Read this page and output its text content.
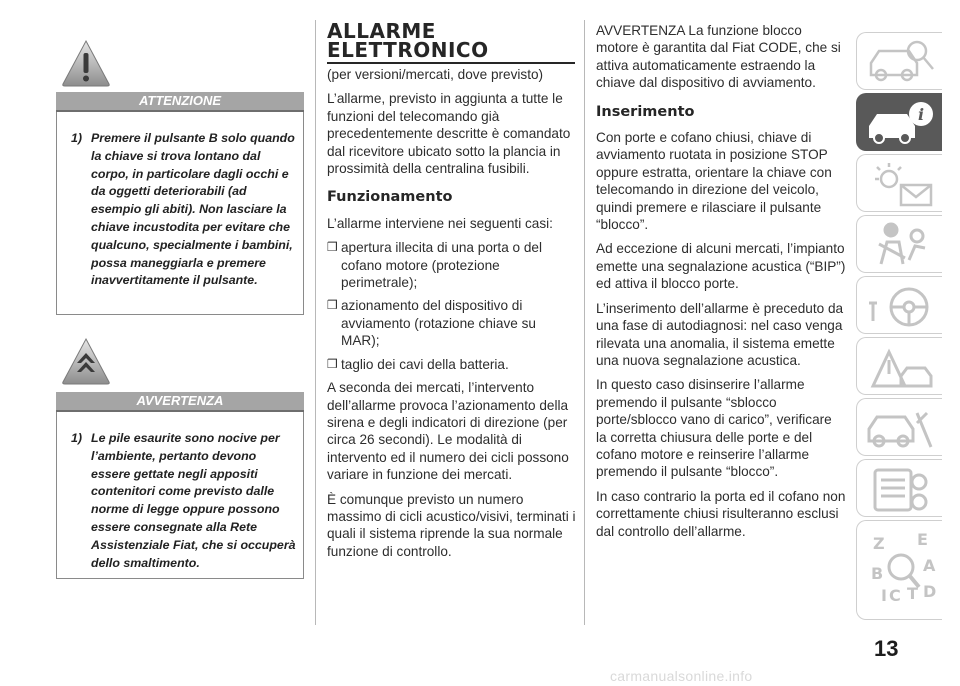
ATTENZIONE
1) Premere il pulsante B solo quando la chiave si trova lontano dal corpo, in particolare dagli occhi e da oggetti deteriorabili (ad esempio gli abiti). Non lasciare la chiave incustodita per evitare che qualcuno, specialmente i bambini, possa maneggiarla e premere inavvertitamente il pulsante.
AVVERTENZA
1) Le pile esaurite sono nocive per l’ambiente, pertanto devono essere gettate negli appositi contenitori come previsto dalle norme di legge oppure possono essere consegnate alla Rete Assistenziale Fiat, che si occuperà dello smaltimento.
ALLARME
ELETTRONICO

(per versioni/mercati, dove previsto)

L’allarme, previsto in aggiunta a tutte le funzioni del telecomando già precedentemente descritte è comandato dal ricevitore ubicato sotto la plancia in prossimità della centralina fusibili.

Funzionamento

L’allarme interviene nei seguenti casi:

❒ apertura illecita di una porta o del cofano motore (protezione perimetrale);
❒ azionamento del dispositivo di avviamento (rotazione chiave su MAR);
❒ taglio dei cavi della batteria.

A seconda dei mercati, l’intervento dell’allarme provoca l’azionamento della sirena e degli indicatori di direzione (per circa 26 secondi). Le modalità di intervento ed il numero dei cicli possono variare in funzione dei mercati.

È comunque previsto un numero massimo di cicli acustico/visivi, terminati i quali il sistema riprende la sua normale funzione di controllo.

AVVERTENZA La funzione blocco motore è garantita dal Fiat CODE, che si attiva automaticamente estraendo la chiave dal dispositivo di avviamento.

Inserimento

Con porte e cofano chiusi, chiave di avviamento ruotata in posizione STOP oppure estratta, orientare la chiave con telecomando in direzione del veicolo, quindi premere e rilasciare il pulsante “blocco”.

Ad eccezione di alcuni mercati, l’impianto emette una segnalazione acustica (“BIP”) ed attiva il blocco porte.

L’inserimento dell’allarme è preceduto da una fase di autodiagnosi: nel caso venga rilevata una anomalia, il sistema emette una nuova segnalazione acustica.

In questo caso disinserire l’allarme premendo il pulsante “sblocco porte/sblocco vano di carico”, verificare la corretta chiusura delle porte e del cofano motore e reinserire l’allarme premendo il pulsante “blocco”.

In caso contrario la porta ed il cofano non correttamente chiusi risulteranno esclusi dal controllo dell’allarme.

i
Z E
B A
I C T D
13
carmanualsonline.info
